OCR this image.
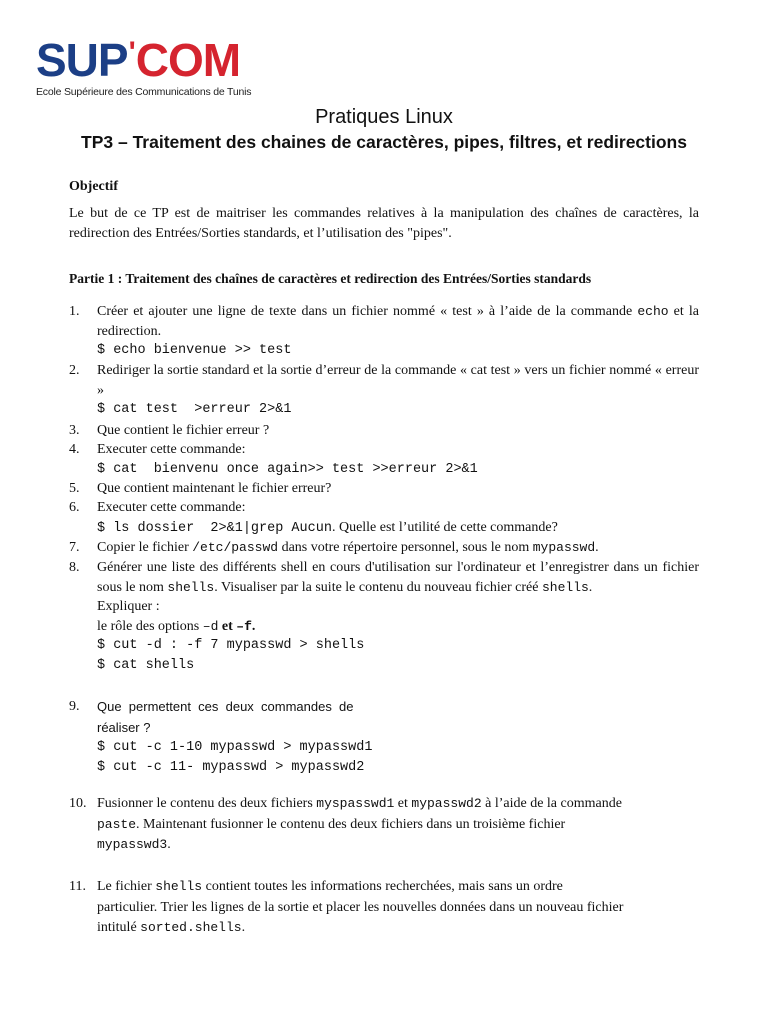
SUP'COM
Ecole Supérieure des Communications de Tunis
Pratiques Linux
TP3 – Traitement des chaines de caractères, pipes, filtres, et redirections
Objectif
Le but de ce TP est de maitriser les commandes relatives à la manipulation des chaînes de caractères, la redirection des Entrées/Sorties standards, et l’utilisation des "pipes".
Partie 1 : Traitement des chaînes de caractères et redirection des Entrées/Sorties standards
1.	Créer et ajouter une ligne de texte dans un fichier nommé « test » à l’aide de la commande echo et la redirection.
$ echo bienvenue >> test
2.	Rediriger la sortie standard et la sortie d’erreur de la commande « cat test » vers un fichier nommé « erreur »
$ cat test  >erreur 2>&1
3.	Que contient le fichier erreur ?
4.	Executer cette commande:
$ cat  bienvenu once again>> test >>erreur 2>&1
5.	Que contient maintenant le fichier erreur?
6.	Executer cette commande:
$ ls dossier  2>&1|grep Aucun. Quelle est l’utilité de cette commande?
7.	Copier le fichier /etc/passwd dans votre répertoire personnel, sous le nom mypasswd.
8.	Générer une liste des différents shell en cours d'utilisation sur l'ordinateur et l’enregistrer dans un fichier sous le nom shells. Visualiser par la suite le contenu du nouveau fichier créé shells.
Expliquer :
le rôle des options –d et –f.
$ cut -d : -f 7 mypasswd > shells
$ cat shells
9.	Que  permettent  ces  deux  commandes  de
réaliser ?
$ cut -c 1-10 mypasswd > mypasswd1
$ cut -c 11- mypasswd > mypasswd2
10. Fusionner le contenu des deux fichiers myspasswd1 et mypasswd2 à l’aide de la commande
paste. Maintenant fusionner le contenu des deux fichiers dans un troisième fichier
mypasswd3.
11. Le fichier shells contient toutes les informations recherchées, mais sans un ordre
particulier. Trier les lignes de la sortie et placer les nouvelles données dans un nouveau fichier
intitulé sorted.shells.
